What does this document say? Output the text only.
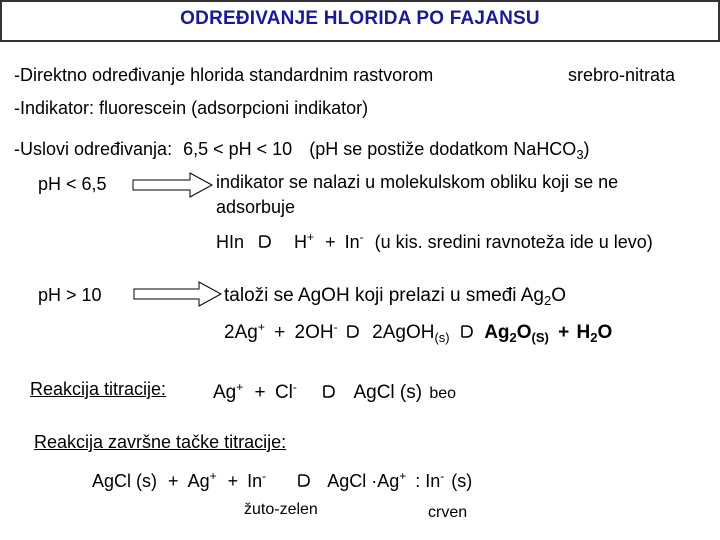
ODREĐIVANJE HLORIDA PO FAJANSU
-Direktno određivanje hlorida standardnim rastvorom	srebro-nitrata
-Indikator: fluorescein (adsorpcioni indikator)
-Uslovi određivanja: 6,5 < pH < 10 (pH se postiže dodatkom NaHCO$_3$)
pH < 6,5	indikator se nalazi u molekulskom obliku koji se ne
adsorbuje
HIn	H+ + In- (u kis. sredini ravnoteža ide u levo)
pH > 10	taloži se AgOH koji prelazi u smeđi $Ag_2O$
2Ag+ + 2OH- 2AgOH$_{(s)}$ $Ag_2O_{(S)} + H_2O$
Reakcija titracije: Ag+ + Cl-	AgCl (s) beo
Reakcija završne tačke titracije:
AgCl (s) + Ag+ + In-	AgCl ·Ag+ : In- (s)
žuto-zelen	crven
